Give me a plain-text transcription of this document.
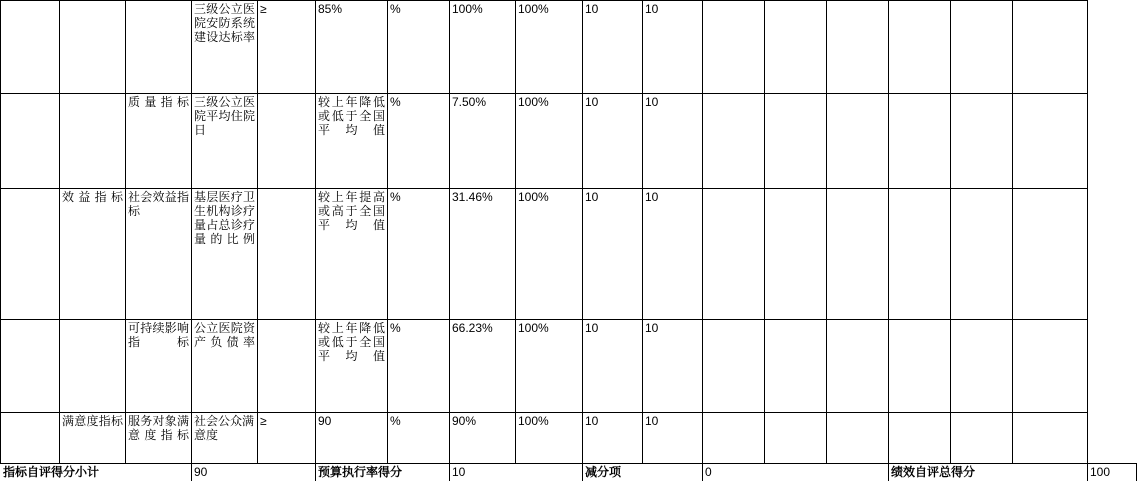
			三级公立医院安防系统建设达标率	≥	85%	%	100%	100%	10	10							
		质量指标	三级公立医院平均住院日		较上年降低或低于全国平均值	%	7.50%	100%	10	10							
	效益指标	社会效益指标	基层医疗卫生机构诊疗量占总诊疗量的比例		较上年提高或高于全国平均值	%	31.46%	100%	10	10							
		可持续影响指标	公立医院资产负债率		较上年降低或低于全国平均值	%	66.23%	100%	10	10							
	满意度指标	服务对象满意度指标	社会公众满意度	≥	90	%	90%	100%	10	10							
指标自评得分小计			90		预算执行率得分		10		减分项		0			绩效自评总得分			100
